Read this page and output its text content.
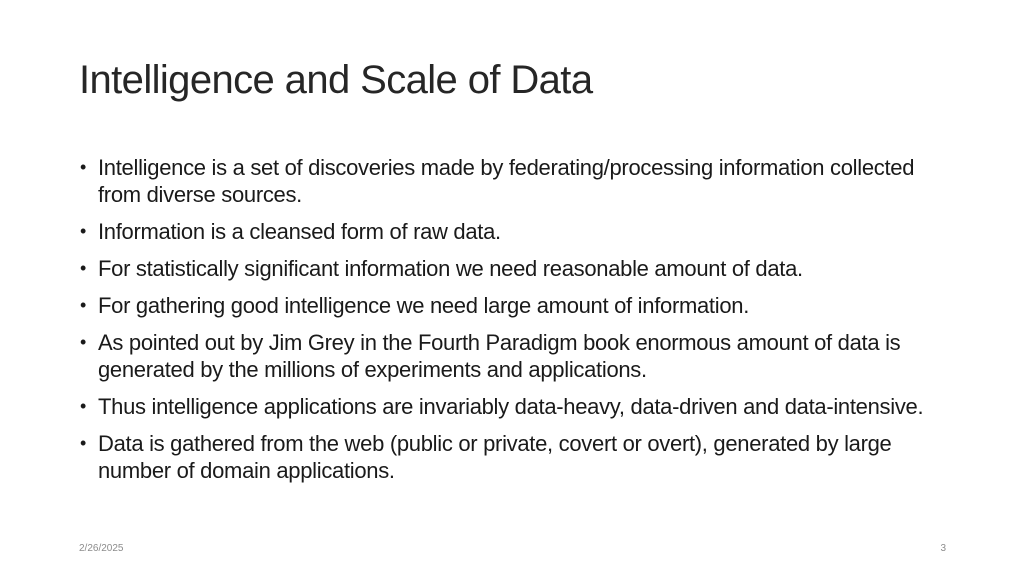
Intelligence and Scale of Data
• Intelligence is a set of discoveries made by federating/processing information collected from diverse sources.
• Information is a cleansed form of raw data.
• For statistically significant information we need reasonable amount of data.
• For gathering good intelligence we need large amount of information.
• As pointed out by Jim Grey in the Fourth Paradigm book enormous amount of data is generated by the millions of experiments and applications.
• Thus intelligence applications are invariably data-heavy, data-driven and data-intensive.
• Data is gathered from the web (public or private, covert or overt), generated by large number of domain applications.
2/26/2025	3
